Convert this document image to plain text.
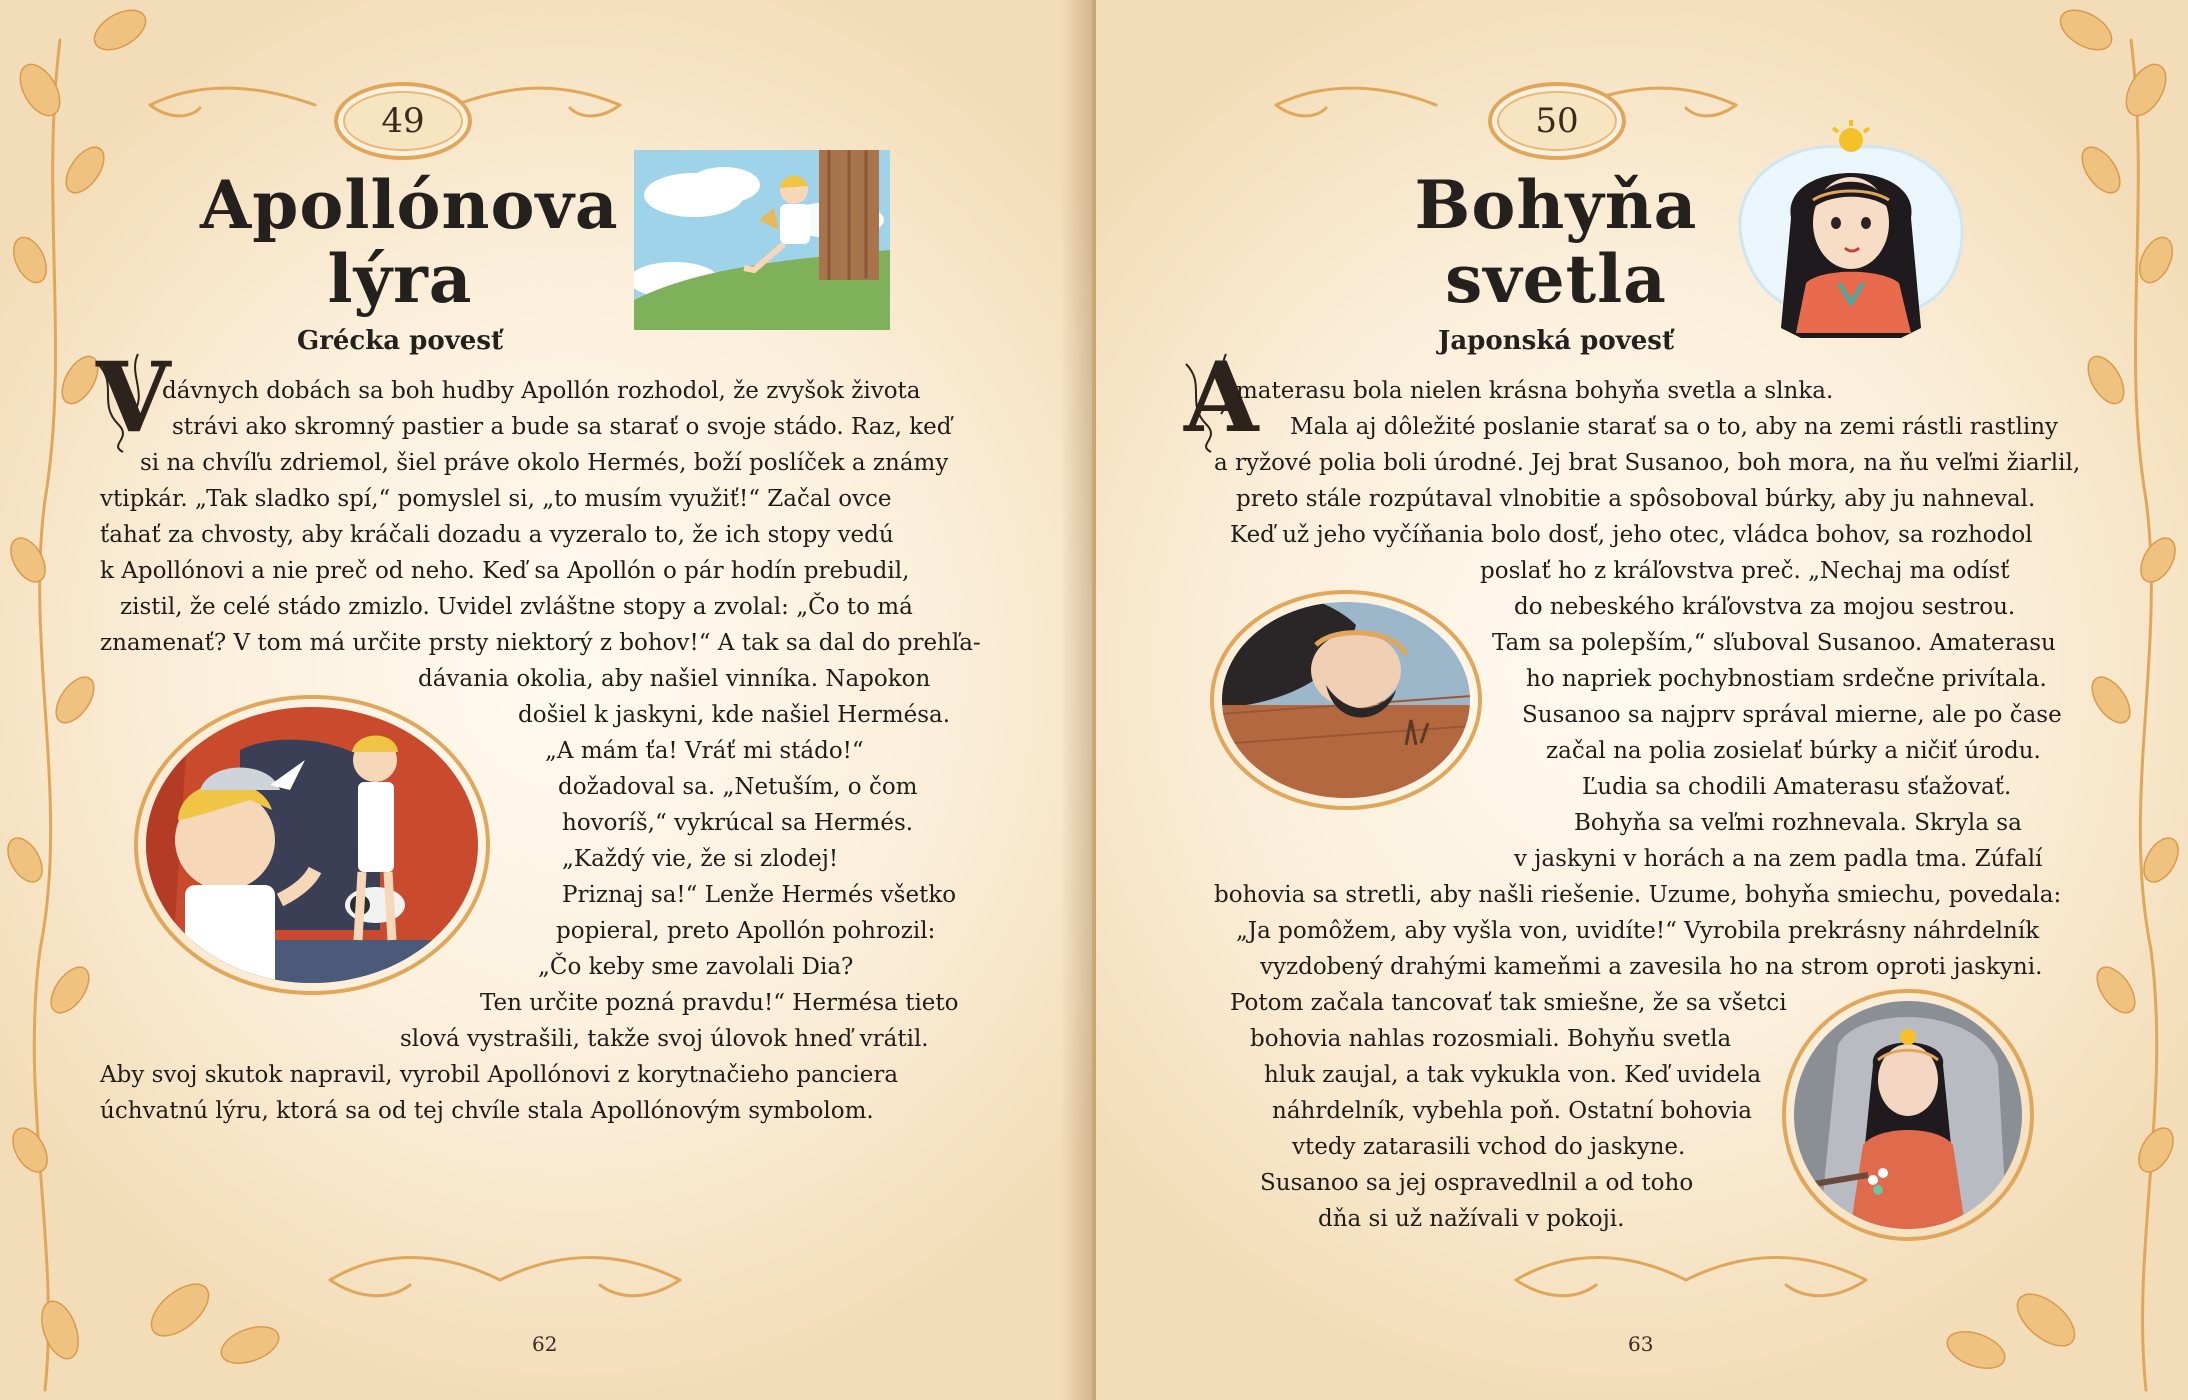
49
Apollónova
lýra
Grécka povesť
V

dávnych dobách sa boh hudby Apollón rozhodol, že zvyšok života

strávi ako skromný pastier a bude sa starať o svoje stádo. Raz, keď

si na chvíľu zdriemol, šiel práve okolo Hermés, boží poslíček a známy

vtipkár. „Tak sladko spí,“ pomyslel si, „to musím využiť!“ Začal ovce

ťahať za chvosty, aby kráčali dozadu a vyzeralo to, že ich stopy vedú

k Apollónovi a nie preč od neho. Keď sa Apollón o pár hodín prebudil,

zistil, že celé stádo zmizlo. Uvidel zvláštne stopy a zvolal: „Čo to má

znamenať? V tom má určite prsty niektorý z bohov!“ A tak sa dal do prehľa-

dávania okolia, aby našiel vinníka. Napokon

došiel k jaskyni, kde našiel Hermésa.

„A mám ťa! Vráť mi stádo!“

dožadoval sa. „Netuším, o čom

hovoríš,“ vykrúcal sa Hermés.

„Každý vie, že si zlodej!

Priznaj sa!“ Lenže Hermés všetko

popieral, preto Apollón pohrozil:

„Čo keby sme zavolali Dia?

Ten určite pozná pravdu!“ Hermésa tieto

slová vystrašili, takže svoj úlovok hneď vrátil.

Aby svoj skutok napravil, vyrobil Apollónovi z korytnačieho panciera

úchvatnú lýru, ktorá sa od tej chvíle stala Apollónovým symbolom.

62
50
Bohyňa
svetla
Japonská povesť
A

materasu bola nielen krásna bohyňa svetla a slnka.

Mala aj dôležité poslanie starať sa o to, aby na zemi rástli rastliny

a ryžové polia boli úrodné. Jej brat Susanoo, boh mora, na ňu veľmi žiarlil,

preto stále rozpútaval vlnobitie a spôsoboval búrky, aby ju nahneval.

Keď už jeho vyčíňania bolo dosť, jeho otec, vládca bohov, sa rozhodol

poslať ho z kráľovstva preč. „Nechaj ma odísť

do nebeského kráľovstva za mojou sestrou.

Tam sa polepším,“ sľuboval Susanoo. Amaterasu

ho napriek pochybnostiam srdečne privítala.

Susanoo sa najprv správal mierne, ale po čase

začal na polia zosielať búrky a ničiť úrodu.

Ľudia sa chodili Amaterasu sťažovať.

Bohyňa sa veľmi rozhnevala. Skryla sa

v jaskyni v horách a na zem padla tma. Zúfalí

bohovia sa stretli, aby našli riešenie. Uzume, bohyňa smiechu, povedala:

„Ja pomôžem, aby vyšla von, uvidíte!“ Vyrobila prekrásny náhrdelník

vyzdobený drahými kameňmi a zavesila ho na strom oproti jaskyni.

Potom začala tancovať tak smiešne, že sa všetci

bohovia nahlas rozosmiali. Bohyňu svetla

hluk zaujal, a tak vykukla von. Keď uvidela

náhrdelník, vybehla poň. Ostatní bohovia

vtedy zatarasili vchod do jaskyne.

Susanoo sa jej ospravedlnil a od toho

dňa si už nažívali v pokoji.

63
